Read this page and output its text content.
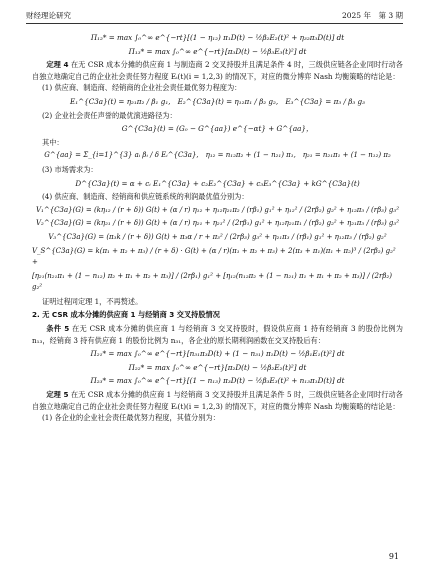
财经理论研究	2025 年　第 3 期
Π₁₂* = max ∫₀^∞ e^{−rt}[(1 − η₁₂) π₁D(t) − ½β₂E₂(t)² + η₃₂π₃D(t)] dt
Π₁₃* = max ∫₀^∞ e^{−rt}[π₃D(t) − ½β₃E₃(t)²] dt
定理 4 在无 CSR 成本分摊的供应商 1 与制造商 2 交叉持股并且满足条件 4 时，三级供应链各企业同时行动各自独立地确定自己的企业社会责任努力程度 Eᵢ(t)(i = 1,2,3) 的情况下，对应的微分博弈 Nash 均衡策略的结论是：
(1) 供应商、制造商、经销商的企业社会责任最优努力程度为：
E₁^{C3a}(t) = η₂₁π₂ / β₁ g₁,　E₂^{C3a}(t) = η₁₂π₁ / β₂ g₂,　E₃^{C3a} = π₃ / β₃ g₃
(2) 企业社会责任声誉的最优演进路径为：
G^{C3a}(t) = (G₀ − G^{aa}) e^{−αt} + G^{aa}，
其中：
G^{aa} = Σ_{i=1}^{3} aᵢ βᵢ / δ Eᵢ^{C3a},　η₁₂ = n₁₂π₂ + (1 − n₂₁) π₁,　η₂₁ = n₂₁π₁ + (1 − n₁₂) π₂
(3) 市场需求为：
D^{C3a}(t) = α + cᵢ E₁^{C3a} + c₂E₂^{C3a} + c₃E₃^{C3a} + kG^{C3a}(t)
(4) 供应商、制造商、经销商和供应链系统的利润最优值分别为：
V₁^{C3a}(G) = (kη₁₂ / (r + δ)) G(t) + (α / r) η₁₂ + η₁₂η₂₁π₂ / (rβ₁) g₁² + η₁₂² / (2rβ₂) g₂² + η₁₂π₃ / (rβ₃) g₃²
V₂^{C3a}(G) = (kη₂₁ / (r + δ)) G(t) + (α / r) η₂₁ + η₂₁² / (2rβ₁) g₁² + η₁₂η₂₁π₁ / (rβ₂) g₂² + η₂₁π₃ / (rβ₃) g₃²
V₃^{C3a}(G) = (π₃k / (r + δ)) G(t) + π₃α / r + π₃² / (2rβ₃) g₃² + η₂₁π₃ / (rβ₁) g₁² + η₁₂π₃ / (rβ₂) g₂²
V_S^{C3a}(G) = k(π₁ + π₂ + π₃) / (r + δ) · G(t) + (α / r)(π₁ + π₂ + π₃) + 2(π₃ + π₁)(π₁ + π₂)³ / (2rβ₂) g₂² +
[η₂₁(n₂₁π₁ + (1 − n₁₂) π₂ + π₁ + π₂ + π₃)] / (2rβ₁) g₁² + [η₁₂(n₁₂π₂ + (1 − n₂₁) π₁ + π₁ + π₂ + π₃)] / (2rβ₂) g₂²
证明过程同定理 1，不再赘述。
2. 无 CSR 成本分摊的供应商 1 与经销商 3 交叉持股情况
条件 5 在无 CSR 成本分摊的供应商 1 与经销商 3 交叉持股时，假设供应商 1 持有经销商 3 的股份比例为 n₁₃，经销商 3 持有供应商 1 的股份比例为 n₃₁，各企业的原长期利润函数在交叉持股后有：
Π₂₁* = max ∫₀^∞ e^{−rt}[n₃₁π₃D(t) + (1 − n₃₁) π₁D(t) − ½β₁E₁(t)²] dt
Π₂₂* = max ∫₀^∞ e^{−rt}[π₂D(t) − ½β₂E₂(t)²] dt
Π₂₃* = max ∫₀^∞ e^{−rt}[(1 − n₁₃) π₃D(t) − ½β₃E₃(t)² + n₁₃π₁D(t)] dt
定理 5 在无 CSR 成本分摊的供应商 1 与经销商 3 交叉持股并且满足条件 5 时，三级供应链各企业同时行动各自独立地确定自己的企业社会责任努力程度 Eᵢ(t)(i = 1,2,3) 的情况下，对应的微分博弈 Nash 均衡策略的结论是：
(1) 各企业的企业社会责任最优努力程度，其值分别为：
91
